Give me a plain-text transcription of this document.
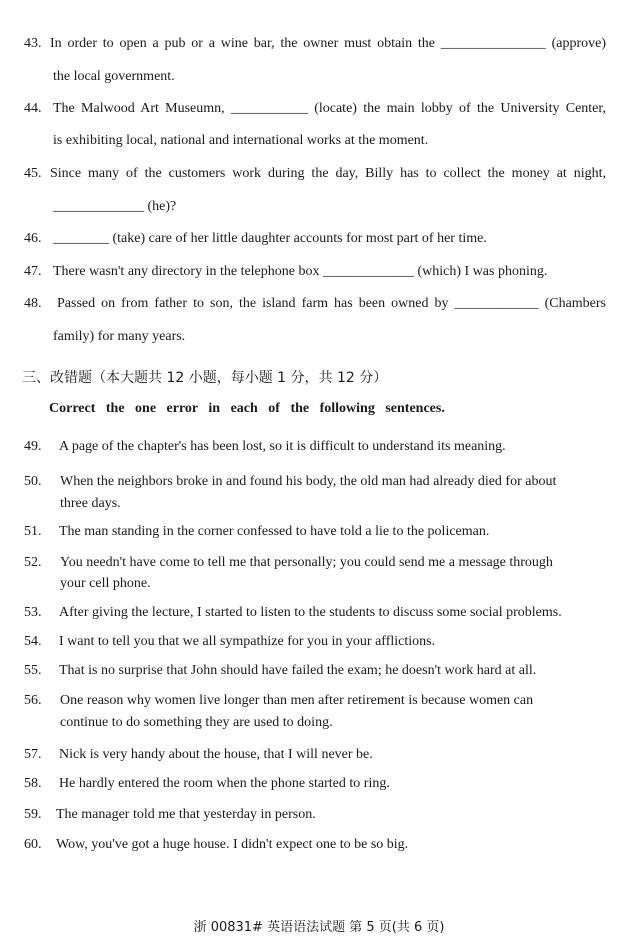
43. In order to open a pub or a wine bar, the owner must obtain the _______________ (approve)
the local government.
44. The Malwood Art Museumn, ___________ (locate) the main lobby of the University Center,
is exhibiting local, national and international works at the moment.
45. Since many of the customers work during the day, Billy has to collect the money at night,
_____________ (he)?
46. ________ (take) care of her little daughter accounts for most part of her time.
47. There wasn't any directory in the telephone box _____________ (which) I was phoning.
48. Passed on from father to son, the island farm has been owned by ____________ (Chambers
family) for many years.
三、改错题（本大题共 12 小题，每小题 1 分，共 12 分）
Correct the one error in each of the following sentences.
49. A page of the chapter's has been lost, so it is difficult to understand its meaning.
50. When the neighbors broke in and found his body, the old man had already died for about
three days.
51. The man standing in the corner confessed to have told a lie to the policeman.
52. You needn't have come to tell me that personally; you could send me a message through
your cell phone.
53. After giving the lecture, I started to listen to the students to discuss some social problems.
54. I want to tell you that we all sympathize for you in your afflictions.
55. That is no surprise that John should have failed the exam; he doesn't work hard at all.
56. One reason why women live longer than men after retirement is because women can
continue to do something they are used to doing.
57. Nick is very handy about the house, that I will never be.
58. He hardly entered the room when the phone started to ring.
59. The manager told me that yesterday in person.
60. Wow, you've got a huge house. I didn't expect one to be so big.
浙 00831# 英语语法试题 第 5 页(共 6 页)
